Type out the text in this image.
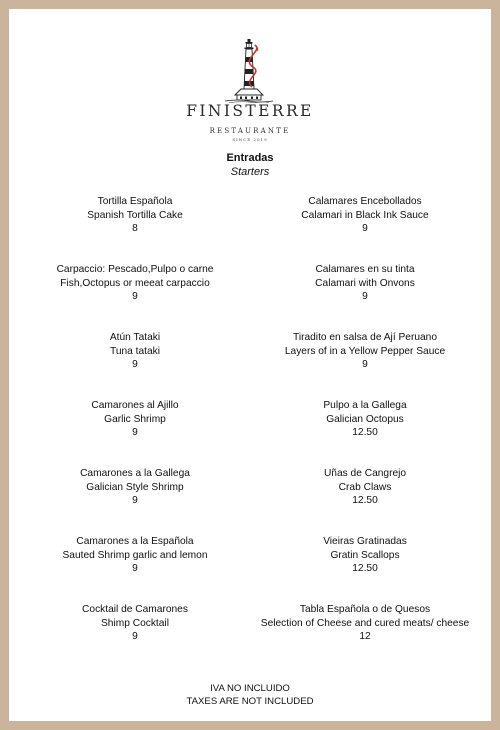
FINISTERRE
RESTAURANTE
SINCE 2019
Entradas
Starters
Tortilla Española
Spanish Tortilla Cake
8
Calamares Encebollados
Calamari in Black Ink Sauce
9
Carpaccio: Pescado,Pulpo o carne
Fish,Octopus or meeat carpaccio
9
Calamares en su tinta
Calamari with Onvons
9
Atún Tataki
Tuna tataki
9
Tiradito en salsa de Ají Peruano
Layers of in a Yellow Pepper Sauce
9
Camarones al Ajillo
Garlic Shrimp
9
Pulpo a la Gallega
Galician Octopus
12.50
Camarones a la Gallega
Galician Style Shrimp
9
Uñas de Cangrejo
Crab Claws
12.50
Camarones a la Española
Sauted Shrimp garlic and lemon
9
Vieiras Gratinadas
Gratin Scallops
12.50
Cocktail de Camarones
Shimp Cocktail
9
Tabla Española o de Quesos
Selection of Cheese and cured meats/ cheese
12
IVA NO INCLUIDO
TAXES ARE NOT INCLUDED
